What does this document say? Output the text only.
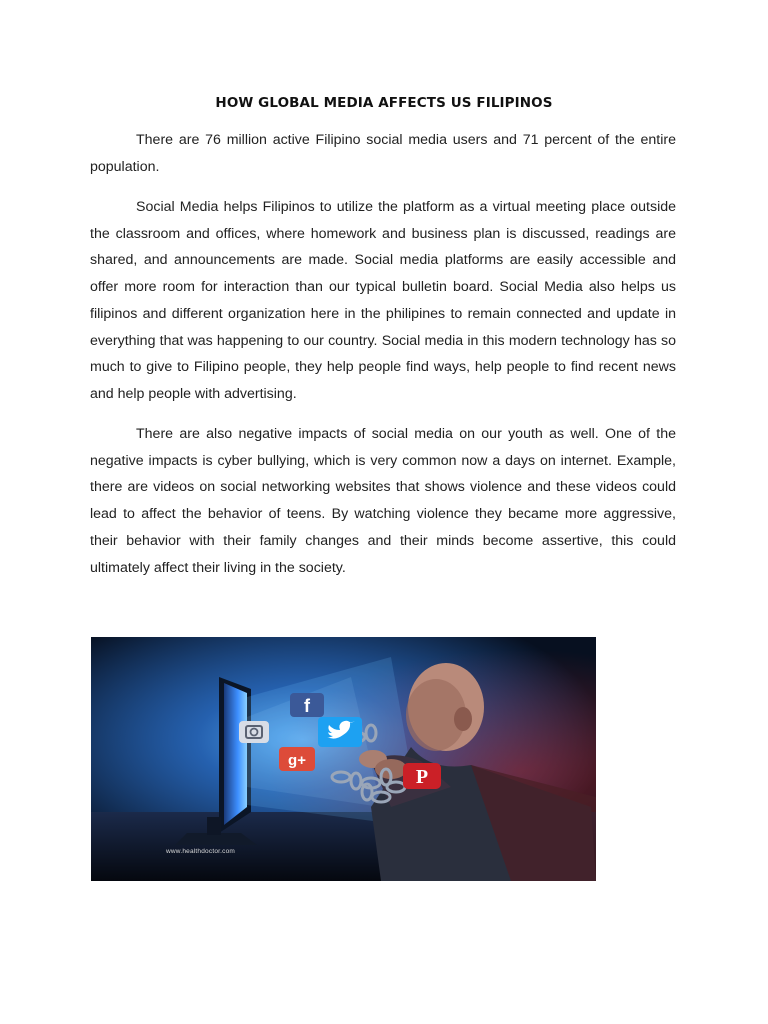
HOW GLOBAL MEDIA AFFECTS US FILIPINOS

There are 76 million active Filipino social media users and 71 percent of the entire population.

Social Media helps Filipinos to utilize the platform as a virtual meeting place outside the classroom and offices, where homework and business plan is discussed, readings are shared, and announcements are made. Social media platforms are easily accessible and offer more room for interaction than our typical bulletin board. Social Media also helps us filipinos and different organization here in the philipines to remain connected and update in everything that was happening to our country. Social media in this modern technology has so much to give to Filipino people, they help people find ways, help people to find recent news and help people with advertising.

There are also negative impacts of social media on our youth as well. One of the negative impacts is cyber bullying, which is very common now a days on internet. Example, there are videos on social networking websites that shows violence and these videos could lead to affect the behavior of teens. By watching violence they became more aggressive, their behavior with their family changes and their minds become assertive, this could ultimately affect their living in the society.

f
g+
P
www.healthdoctor.com
